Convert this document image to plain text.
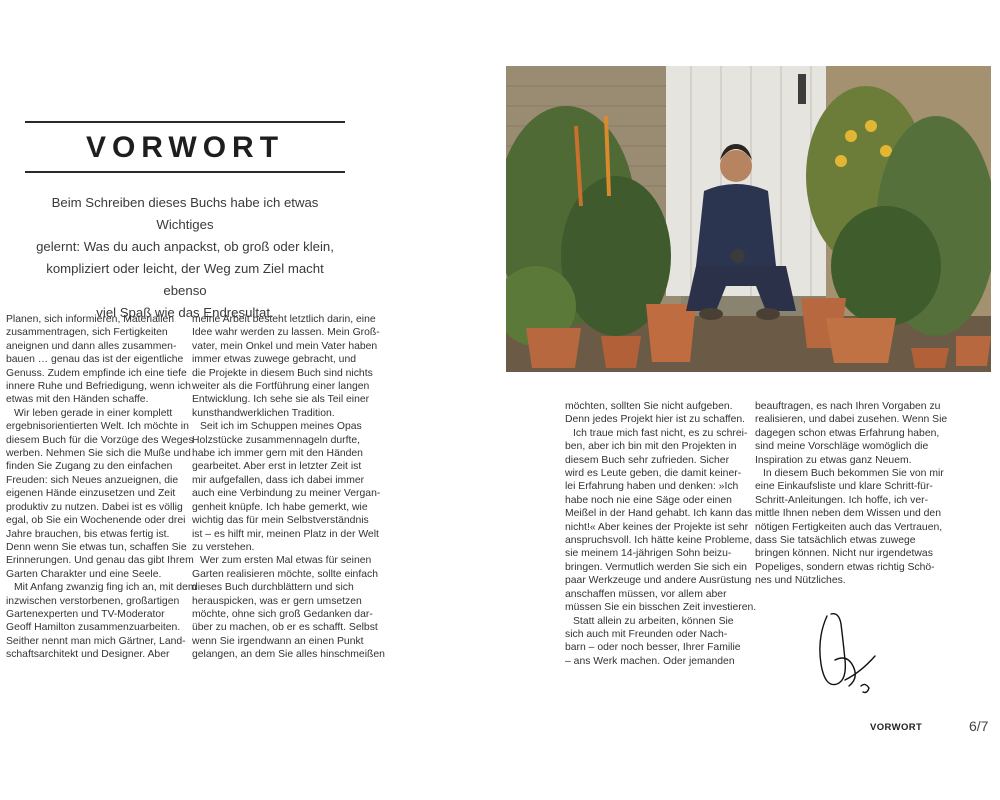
VORWORT
Beim Schreiben dieses Buchs habe ich etwas Wichtiges
gelernt: Was du auch anpackst, ob groß oder klein,
kompliziert oder leicht, der Weg zum Ziel macht ebenso
viel Spaß wie das Endresultat.
Planen, sich informieren, Materialien
zusammentragen, sich Fertigkeiten
aneignen und dann alles zusammen-
bauen … genau das ist der eigentliche
Genuss. Zudem empfinde ich eine tiefe
innere Ruhe und Befriedigung, wenn ich
etwas mit den Händen schaffe.
Wir leben gerade in einer komplett
ergebnisorientierten Welt. Ich möchte in
diesem Buch für die Vorzüge des Weges
werben. Nehmen Sie sich die Muße und
finden Sie Zugang zu den einfachen
Freuden: sich Neues anzueignen, die
eigenen Hände einzusetzen und Zeit
produktiv zu nutzen. Dabei ist es völlig
egal, ob Sie ein Wochenende oder drei
Jahre brauchen, bis etwas fertig ist.
Denn wenn Sie etwas tun, schaffen Sie
Erinnerungen. Und genau das gibt Ihrem
Garten Charakter und eine Seele.
Mit Anfang zwanzig fing ich an, mit dem
inzwischen verstorbenen, großartigen
Gartenexperten und TV-Moderator
Geoff Hamilton zusammenzuarbeiten.
Seither nennt man mich Gärtner, Land-
schaftsarchitekt und Designer. Aber
meine Arbeit besteht letztlich darin, eine
Idee wahr werden zu lassen. Mein Groß-
vater, mein Onkel und mein Vater haben
immer etwas zuwege gebracht, und
die Projekte in diesem Buch sind nichts
weiter als die Fortführung einer langen
Entwicklung. Ich sehe sie als Teil einer
kunsthandwerklichen Tradition.
Seit ich im Schuppen meines Opas
Holzstücke zusammennageln durfte,
habe ich immer gern mit den Händen
gearbeitet. Aber erst in letzter Zeit ist
mir aufgefallen, dass ich dabei immer
auch eine Verbindung zu meiner Vergan-
genheit knüpfe. Ich habe gemerkt, wie
wichtig das für mein Selbstverständnis
ist – es hilft mir, meinen Platz in der Welt
zu verstehen.
Wer zum ersten Mal etwas für seinen
Garten realisieren möchte, sollte einfach
dieses Buch durchblättern und sich
herauspicken, was er gern umsetzen
möchte, ohne sich groß Gedanken dar-
über zu machen, ob er es schafft. Selbst
wenn Sie irgendwann an einen Punkt
gelangen, an dem Sie alles hinschmeißen
möchten, sollten Sie nicht aufgeben.
Denn jedes Projekt hier ist zu schaffen.
Ich traue mich fast nicht, es zu schrei-
ben, aber ich bin mit den Projekten in
diesem Buch sehr zufrieden. Sicher
wird es Leute geben, die damit keiner-
lei Erfahrung haben und denken: »Ich
habe noch nie eine Säge oder einen
Meißel in der Hand gehabt. Ich kann das
nicht!« Aber keines der Projekte ist sehr
anspruchsvoll. Ich hätte keine Probleme,
sie meinem 14-jährigen Sohn beizu-
bringen. Vermutlich werden Sie sich ein
paar Werkzeuge und andere Ausrüstung
anschaffen müssen, vor allem aber
müssen Sie ein bisschen Zeit investieren.
Statt allein zu arbeiten, können Sie
sich auch mit Freunden oder Nach-
barn – oder noch besser, Ihrer Familie
– ans Werk machen. Oder jemanden
beauftragen, es nach Ihren Vorgaben zu
realisieren, und dabei zusehen. Wenn Sie
dagegen schon etwas Erfahrung haben,
sind meine Vorschläge womöglich die
Inspiration zu etwas ganz Neuem.
In diesem Buch bekommen Sie von mir
eine Einkaufsliste und klare Schritt-für-
Schritt-Anleitungen. Ich hoffe, ich ver-
mittle Ihnen neben dem Wissen und den
nötigen Fertigkeiten auch das Vertrauen,
dass Sie tatsächlich etwas zuwege
bringen können. Nicht nur irgendetwas
Popeliges, sondern etwas richtig Schö-
nes und Nützliches.
VORWORT	6/7
